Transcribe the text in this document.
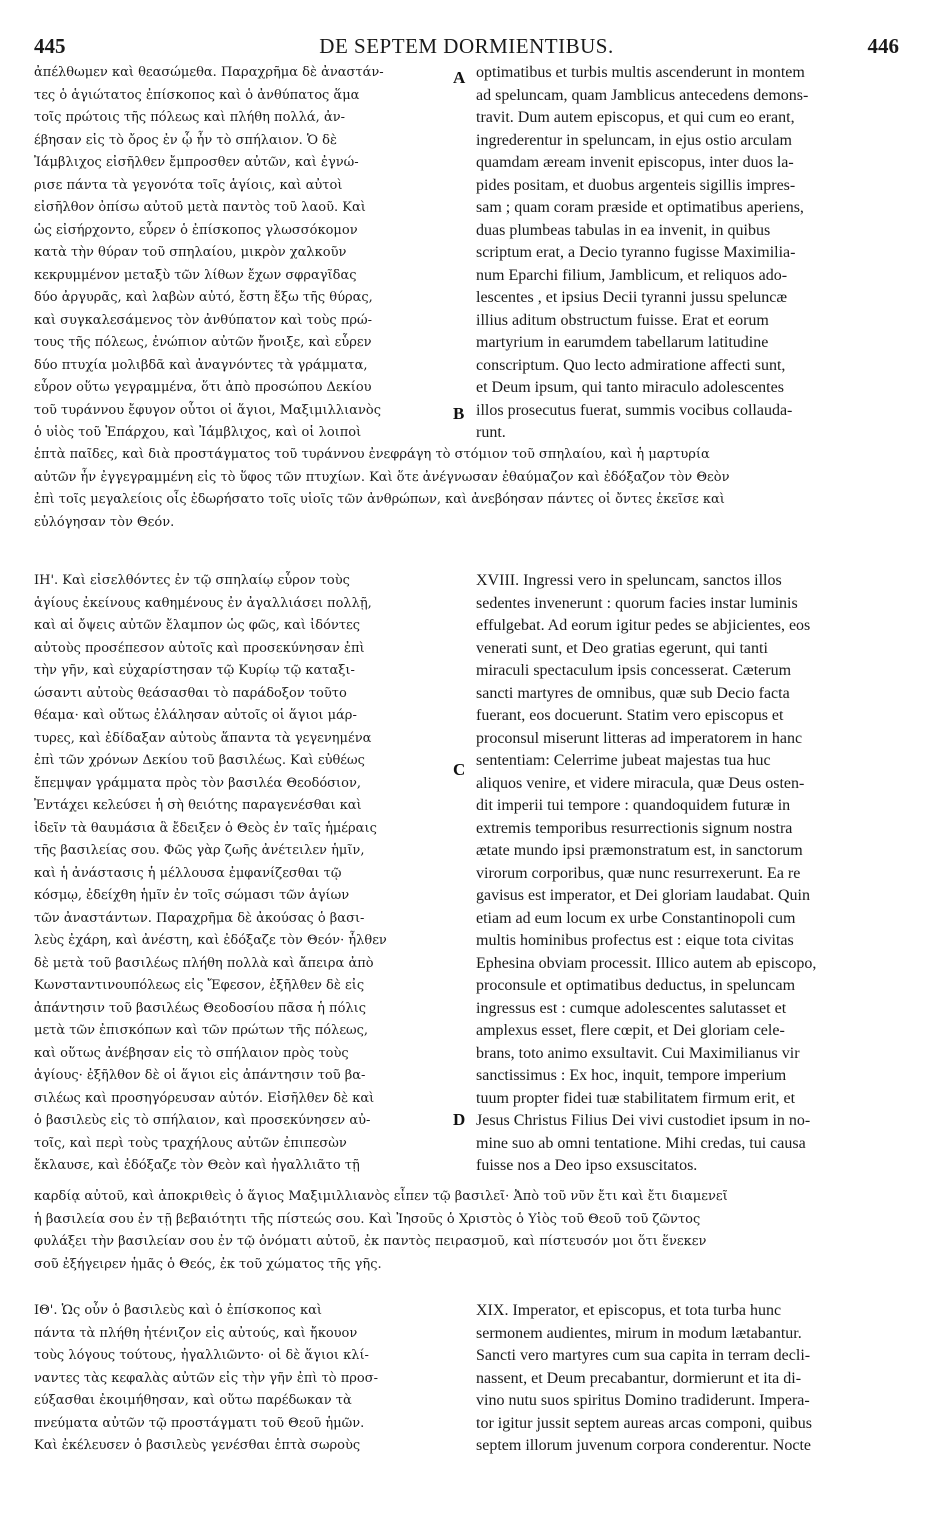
445	DE SEPTEM DORMIENTIBUS.	446
A
B
C
D
ἀπέλθωμεν καὶ θεασώμεθα. Παραχρῆμα δὲ ἀναστάν-
τες ὁ ἁγιώτατος ἐπίσκοπος καὶ ὁ ἀνθύπατος ἅμα
τοῖς πρώτοις τῆς πόλεως καὶ πλήθη πολλά, ἀν-
έβησαν εἰς τὸ ὄρος ἐν ᾧ ἦν τὸ σπήλαιον. Ὁ δὲ
Ἰάμβλιχος εἰσῆλθεν ἔμπροσθεν αὐτῶν, καὶ ἐγνώ-
ρισε πάντα τὰ γεγονότα τοῖς ἁγίοις, καὶ αὐτοὶ
εἰσῆλθον ὀπίσω αὐτοῦ μετὰ παντὸς τοῦ λαοῦ. Καὶ
ὡς εἰσήρχοντο, εὗρεν ὁ ἐπίσκοπος γλωσσόκομον
κατὰ τὴν θύραν τοῦ σπηλαίου, μικρὸν χαλκοῦν
κεκρυμμένον μεταξὺ τῶν λίθων ἔχων σφραγῖδας
δύο ἀργυρᾶς, καὶ λαβὼν αὐτό, ἔστη ἔξω τῆς θύρας,
καὶ συγκαλεσάμενος τὸν ἀνθύπατον καὶ τοὺς πρώ-
τους τῆς πόλεως, ἐνώπιον αὐτῶν ἤνοιξε, καὶ εὗρεν
δύο πτυχία μολιβδᾶ καὶ ἀναγνόντες τὰ γράμματα,
εὗρον οὕτω γεγραμμένα, ὅτι ἀπὸ προσώπου Δεκίου
τοῦ τυράννου ἔφυγον οὗτοι οἱ ἅγιοι, Μαξιμιλλιανὸς
ὁ υἱὸς τοῦ Ἐπάρχου, καὶ Ἰάμβλιχος, καὶ οἱ λοιποὶ
optimatibus et turbis multis ascenderunt in montem
ad speluncam, quam Jamblicus antecedens demons-
travit. Dum autem episcopus, et qui cum eo erant,
ingrederentur in speluncam, in ejus ostio arculam
quamdam æream invenit episcopus, inter duos la-
pides positam, et duobus argenteis sigillis impres-
sam ; quam coram præside et optimatibus aperiens,
duas plumbeas tabulas in ea invenit, in quibus
scriptum erat, a Decio tyranno fugisse Maximilia-
num Eparchi filium, Jamblicum, et reliquos ado-
lescentes , et ipsius Decii tyranni jussu speluncæ
illius aditum obstructum fuisse. Erat et eorum
martyrium in earumdem tabellarum latitudine
conscriptum. Quo lecto admiratione affecti sunt,
et Deum ipsum, qui tanto miraculo adolescentes
illos prosecutus fuerat, summis vocibus collauda-
runt.
ἑπτὰ παῖδες, καὶ διὰ προστάγματος τοῦ τυράννου ἐνεφράγη τὸ στόμιον τοῦ σπηλαίου, καὶ ἡ μαρτυρία
αὐτῶν ἦν ἐγγεγραμμένη εἰς τὸ ὕφος τῶν πτυχίων. Καὶ ὅτε ἀνέγνωσαν ἐθαύμαζον καὶ ἐδόξαζον τὸν Θεὸν
ἐπὶ τοῖς μεγαλείοις οἷς ἐδωρήσατο τοῖς υἱοῖς τῶν ἀνθρώπων, καὶ ἀνεβόησαν πάντες οἱ ὄντες ἐκεῖσε καὶ
εὐλόγησαν τὸν Θεόν.
ΙΗ'. Καὶ εἰσελθόντες ἐν τῷ σπηλαίῳ εὗρον τοὺς
ἁγίους ἐκείνους καθημένους ἐν ἀγαλλιάσει πολλῇ,
καὶ αἱ ὄψεις αὐτῶν ἔλαμπον ὡς φῶς, καὶ ἰδόντες
αὐτοὺς προσέπεσον αὐτοῖς καὶ προσεκύνησαν ἐπὶ
τὴν γῆν, καὶ εὐχαρίστησαν τῷ Κυρίῳ τῷ καταξι-
ώσαντι αὐτοὺς θεάσασθαι τὸ παράδοξον τοῦτο
θέαμα· καὶ οὕτως ἐλάλησαν αὐτοῖς οἱ ἅγιοι μάρ-
τυρες, καὶ ἐδίδαξαν αὐτοὺς ἅπαντα τὰ γεγενημένα
ἐπὶ τῶν χρόνων Δεκίου τοῦ βασιλέως. Καὶ εὐθέως
ἔπεμψαν γράμματα πρὸς τὸν βασιλέα Θεοδόσιον,
Ἐντάχει κελεύσει ἡ σὴ θειότης παραγενέσθαι καὶ
ἰδεῖν τὰ θαυμάσια ἃ ἔδειξεν ὁ Θεὸς ἐν ταῖς ἡμέραις
τῆς βασιλείας σου. Φῶς γὰρ ζωῆς ἀνέτειλεν ἡμῖν,
καὶ ἡ ἀνάστασις ἡ μέλλουσα ἐμφανίζεσθαι τῷ
κόσμῳ, ἐδείχθη ἡμῖν ἐν τοῖς σώμασι τῶν ἁγίων
τῶν ἀναστάντων. Παραχρῆμα δὲ ἀκούσας ὁ βασι-
λεὺς ἐχάρη, καὶ ἀνέστη, καὶ ἐδόξαζε τὸν Θεόν· ἦλθεν
δὲ μετὰ τοῦ βασιλέως πλήθη πολλὰ καὶ ἄπειρα ἀπὸ
Κωνσταντινουπόλεως εἰς Ἔφεσον, ἐξῆλθεν δὲ εἰς
ἀπάντησιν τοῦ βασιλέως Θεοδοσίου πᾶσα ἡ πόλις
μετὰ τῶν ἐπισκόπων καὶ τῶν πρώτων τῆς πόλεως,
καὶ οὕτως ἀνέβησαν εἰς τὸ σπήλαιον πρὸς τοὺς
ἁγίους· ἐξῆλθον δὲ οἱ ἅγιοι εἰς ἀπάντησιν τοῦ βα-
σιλέως καὶ προσηγόρευσαν αὐτόν. Εἰσῆλθεν δὲ καὶ
ὁ βασιλεὺς εἰς τὸ σπήλαιον, καὶ προσεκύνησεν αὐ-
τοῖς, καὶ περὶ τοὺς τραχήλους αὐτῶν ἐπιπεσὼν
ἔκλαυσε, καὶ ἐδόξαζε τὸν Θεὸν καὶ ἠγαλλιᾶτο τῇ
XVIII. Ingressi vero in speluncam, sanctos illos
sedentes invenerunt : quorum facies instar luminis
effulgebat. Ad eorum igitur pedes se abjicientes, eos
venerati sunt, et Deo gratias egerunt, qui tanti
miraculi spectaculum ipsis concesserat. Cæterum
sancti martyres de omnibus, quæ sub Decio facta
fuerant, eos docuerunt. Statim vero episcopus et
proconsul miserunt litteras ad imperatorem in hanc
sententiam: Celerrime jubeat majestas tua huc
aliquos venire, et videre miracula, quæ Deus osten-
dit imperii tui tempore : quandoquidem futuræ in
extremis temporibus resurrectionis signum nostra
ætate mundo ipsi præmonstratum est, in sanctorum
virorum corporibus, quæ nunc resurrexerunt. Ea re
gavisus est imperator, et Dei gloriam laudabat. Quin
etiam ad eum locum ex urbe Constantinopoli cum
multis hominibus profectus est : eique tota civitas
Ephesina obviam processit. Illico autem ab episcopo,
proconsule et optimatibus deductus, in speluncam
ingressus est : cumque adolescentes salutasset et
amplexus esset, flere cœpit, et Dei gloriam cele-
brans, toto animo exsultavit. Cui Maximilianus vir
sanctissimus : Ex hoc, inquit, tempore imperium
tuum propter fidei tuæ stabilitatem firmum erit, et
Jesus Christus Filius Dei vivi custodiet ipsum in no-
mine suo ab omni tentatione. Mihi credas, tui causa
fuisse nos a Deo ipso exsuscitatos.
καρδίᾳ αὐτοῦ, καὶ ἀποκριθεὶς ὁ ἅγιος Μαξιμιλλιανὸς εἶπεν τῷ βασιλεῖ· Ἀπὸ τοῦ νῦν ἔτι καὶ ἔτι διαμενεῖ
ἡ βασιλεία σου ἐν τῇ βεβαιότητι τῆς πίστεώς σου. Καὶ Ἰησοῦς ὁ Χριστὸς ὁ Υἱὸς τοῦ Θεοῦ τοῦ ζῶντος
φυλάξει τὴν βασιλείαν σου ἐν τῷ ὀνόματι αὐτοῦ, ἐκ παντὸς πειρασμοῦ, καὶ πίστευσόν μοι ὅτι ἕνεκεν
σοῦ ἐξήγειρεν ἡμᾶς ὁ Θεός, ἐκ τοῦ χώματος τῆς γῆς.
ΙΘ'. Ὡς οὖν ὁ βασιλεὺς καὶ ὁ ἐπίσκοπος καὶ
πάντα τὰ πλήθη ἠτένιζον εἰς αὐτούς, καὶ ἤκουον
τοὺς λόγους τούτους, ἠγαλλιῶντο· οἱ δὲ ἅγιοι κλί-
ναντες τὰς κεφαλὰς αὐτῶν εἰς τὴν γῆν ἐπὶ τὸ προσ-
εύξασθαι ἐκοιμήθησαν, καὶ οὕτω παρέδωκαν τὰ
πνεύματα αὐτῶν τῷ προστάγματι τοῦ Θεοῦ ἡμῶν.
Καὶ ἐκέλευσεν ὁ βασιλεὺς γενέσθαι ἑπτὰ σωροὺς
XIX. Imperator, et episcopus, et tota turba hunc
sermonem audientes, mirum in modum lætabantur.
Sancti vero martyres cum sua capita in terram decli-
nassent, et Deum precabantur, dormierunt et ita di-
vino nutu suos spiritus Domino tradiderunt. Impera-
tor igitur jussit septem aureas arcas componi, quibus
septem illorum juvenum corpora conderentur. Nocte
